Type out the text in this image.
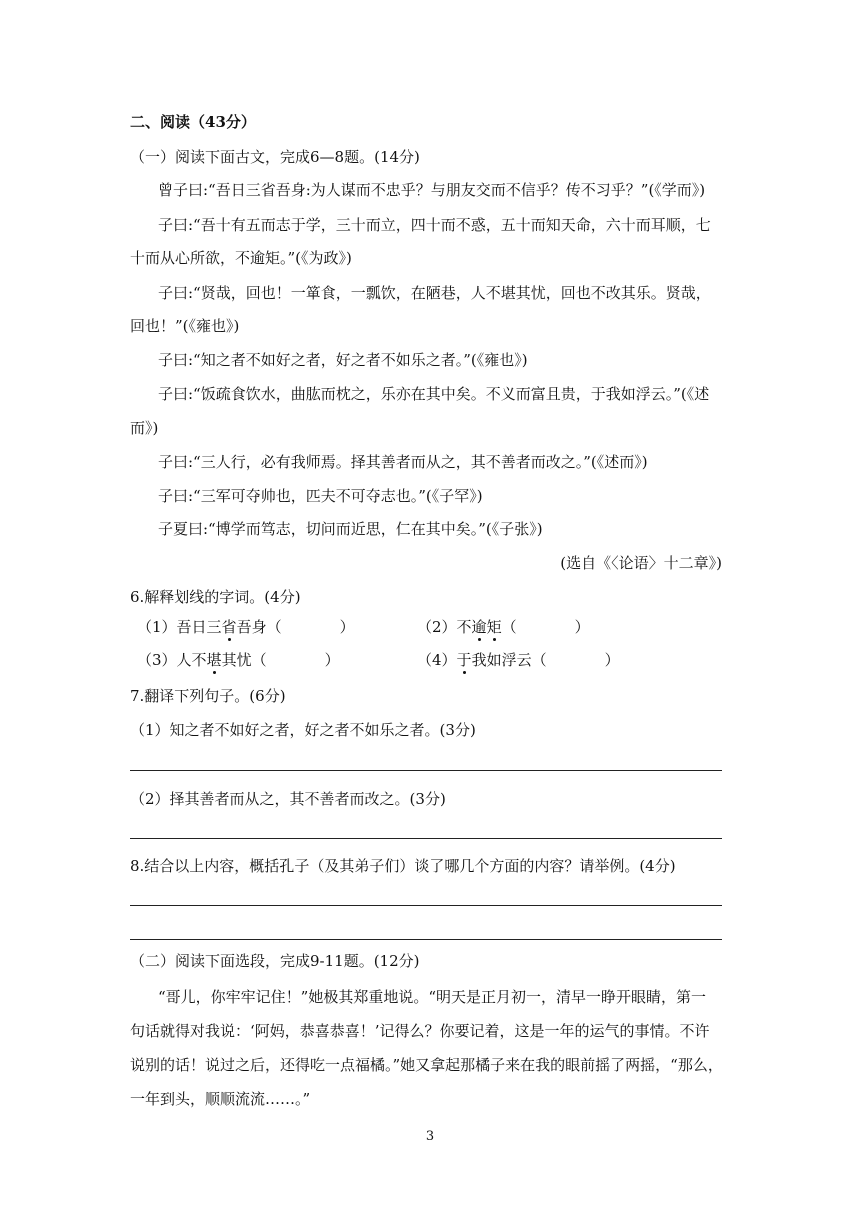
二、阅读（43分）
（一）阅读下面古文，完成6—8题。(14分)
曾子曰:“吾日三省吾身:为人谋而不忠乎？与朋友交而不信乎？传不习乎？”(《学而》)
子曰:“吾十有五而志于学，三十而立，四十而不惑，五十而知天命，六十而耳顺，七
十而从心所欲，不逾矩。”(《为政》)
子曰:“贤哉，回也！一箪食，一瓢饮，在陋巷，人不堪其忧，回也不改其乐。贤哉，
回也！”(《雍也》)
子曰:“知之者不如好之者，好之者不如乐之者。”(《雍也》)
子曰:“饭疏食饮水，曲肱而枕之，乐亦在其中矣。不义而富且贵，于我如浮云。”(《述
而》)
子曰:“三人行，必有我师焉。择其善者而从之，其不善者而改之。”(《述而》)
子曰:“三军可夺帅也，匹夫不可夺志也。”(《子罕》)
子夏曰:“博学而笃志，切问而近思，仁在其中矣。”(《子张》)
(选自《〈论语〉十二章》)
6.解释划线的字词。(4分)
（1）吾日三省吾身（	）	（2）不逾矩（	）
（3）人不堪其忧（	）	（4）于我如浮云（	）
7.翻译下列句子。(6分)
（1）知之者不如好之者，好之者不如乐之者。(3分)
（2）择其善者而从之，其不善者而改之。(3分)
8.结合以上内容，概括孔子（及其弟子们）谈了哪几个方面的内容？请举例。(4分)
（二）阅读下面选段，完成9-11题。(12分)
“哥儿，你牢牢记住！”她极其郑重地说。“明天是正月初一，清早一睁开眼睛，第一
句话就得对我说：‘阿妈，恭喜恭喜！’记得么？你要记着，这是一年的运气的事情。不许
说别的话！说过之后，还得吃一点福橘。”她又拿起那橘子来在我的眼前摇了两摇，“那么，
一年到头，顺顺流流……。”
3
